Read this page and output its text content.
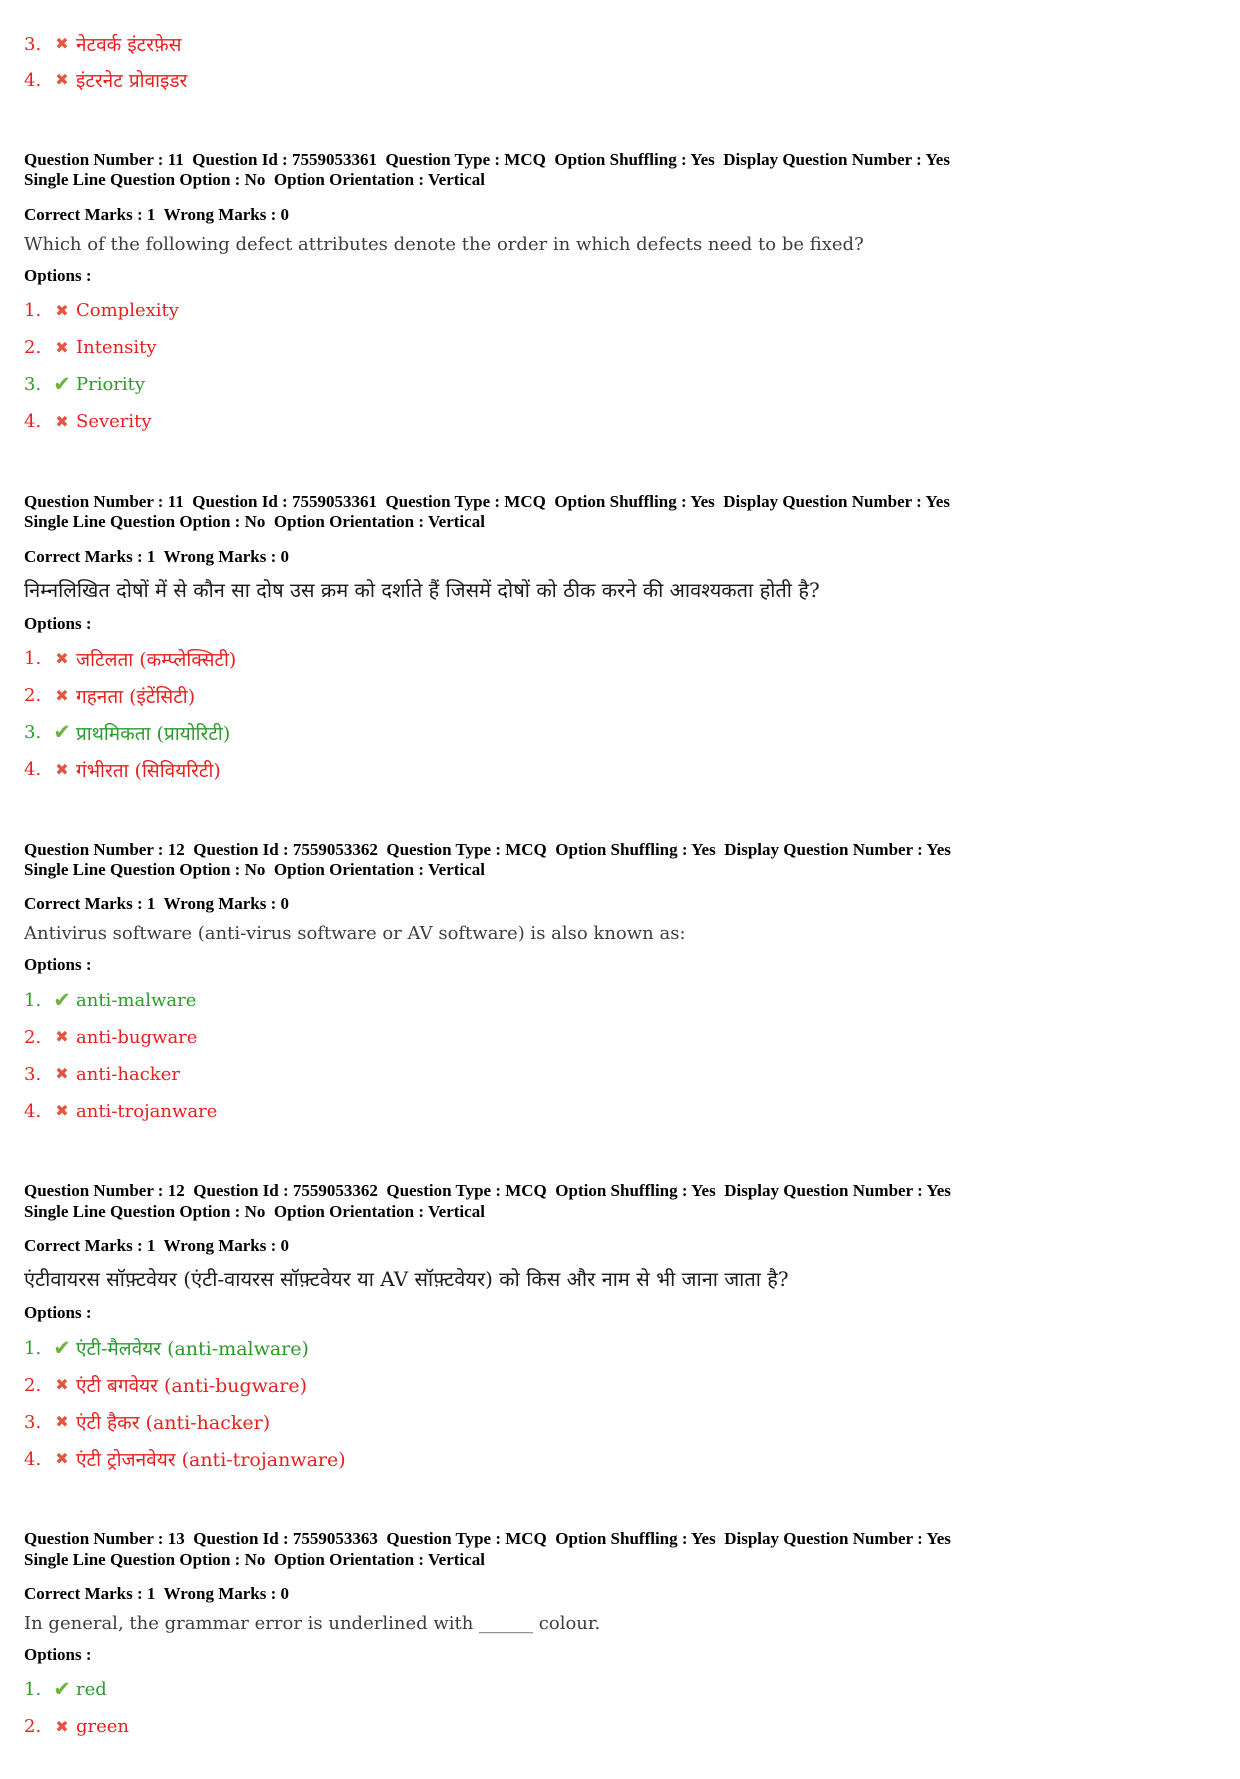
3. ✖ नेटवर्क इंटरफ़ेस
4. ✖ इंटरनेट प्रोवाइडर

Question Number : 11  Question Id : 7559053361  Question Type : MCQ  Option Shuffling : Yes  Display Question Number : Yes
Single Line Question Option : No  Option Orientation : Vertical

Correct Marks : 1  Wrong Marks : 0

Which of the following defect attributes denote the order in which defects need to be fixed?

Options :

1. ✖ Complexity
2. ✖ Intensity
3. ✔ Priority
4. ✖ Severity

Question Number : 11  Question Id : 7559053361  Question Type : MCQ  Option Shuffling : Yes  Display Question Number : Yes
Single Line Question Option : No  Option Orientation : Vertical

Correct Marks : 1  Wrong Marks : 0

निम्नलिखित दोषों में से कौन सा दोष उस क्रम को दर्शाते हैं जिसमें दोषों को ठीक करने की आवश्यकता होती है?

Options :

1. ✖ जटिलता (कम्प्लेक्सिटी)
2. ✖ गहनता (इंटेंसिटी)
3. ✔ प्राथमिकता (प्रायोरिटी)
4. ✖ गंभीरता (सिवियरिटी)

Question Number : 12  Question Id : 7559053362  Question Type : MCQ  Option Shuffling : Yes  Display Question Number : Yes
Single Line Question Option : No  Option Orientation : Vertical

Correct Marks : 1  Wrong Marks : 0

Antivirus software (anti-virus software or AV software) is also known as:

Options :

1. ✔ anti-malware
2. ✖ anti-bugware
3. ✖ anti-hacker
4. ✖ anti-trojanware

Question Number : 12  Question Id : 7559053362  Question Type : MCQ  Option Shuffling : Yes  Display Question Number : Yes
Single Line Question Option : No  Option Orientation : Vertical

Correct Marks : 1  Wrong Marks : 0

एंटीवायरस सॉफ़्टवेयर (एंटी-वायरस सॉफ़्टवेयर या AV सॉफ़्टवेयर) को किस और नाम से भी जाना जाता है?

Options :

1. ✔ एंटी-मैलवेयर (anti-malware)
2. ✖ एंटी बगवेयर (anti-bugware)
3. ✖ एंटी हैकर (anti-hacker)
4. ✖ एंटी ट्रोजनवेयर (anti-trojanware)

Question Number : 13  Question Id : 7559053363  Question Type : MCQ  Option Shuffling : Yes  Display Question Number : Yes
Single Line Question Option : No  Option Orientation : Vertical

Correct Marks : 1  Wrong Marks : 0

In general, the grammar error is underlined with ______ colour.

Options :

1. ✔ red
2. ✖ green
